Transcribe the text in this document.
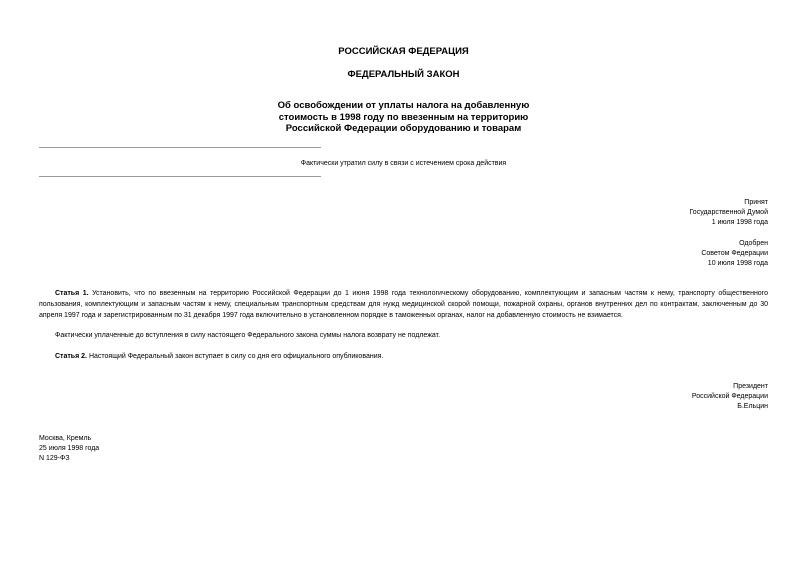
РОССИЙСКАЯ ФЕДЕРАЦИЯ
ФЕДЕРАЛЬНЫЙ ЗАКОН
Об освобождении от уплаты налога на добавленную
стоимость в 1998 году по ввезенным на территорию
Российской Федерации оборудованию и товарам
Фактически утратил силу в связи с истечением срока действия
Принят
Государственной Думой
1 июля 1998 года
Одобрен
Советом Федерации
10 июля 1998 года
Статья 1. Установить, что по ввезенным на территорию Российской Федерации до 1 июня 1998 года технологическому оборудованию, комплектующим и запасным частям к нему, транспорту общественного пользования, комплектующим и запасным частям к нему, специальным транспортным средствам для нужд медицинской скорой помощи, пожарной охраны, органов внутренних дел по контрактам, заключенным до 30 апреля 1997 года и зарегистрированным по 31 декабря 1997 года включительно в установленном порядке в таможенных органах, налог на добавленную стоимость не взимается.
Фактически уплаченные до вступления в силу настоящего Федерального закона суммы налога возврату не подлежат.
Статья 2. Настоящий Федеральный закон вступает в силу со дня его официального опубликования.
Президент
Российской Федерации
Б.Ельцин
Москва, Кремль
25 июля 1998 года
N 129-ФЗ
